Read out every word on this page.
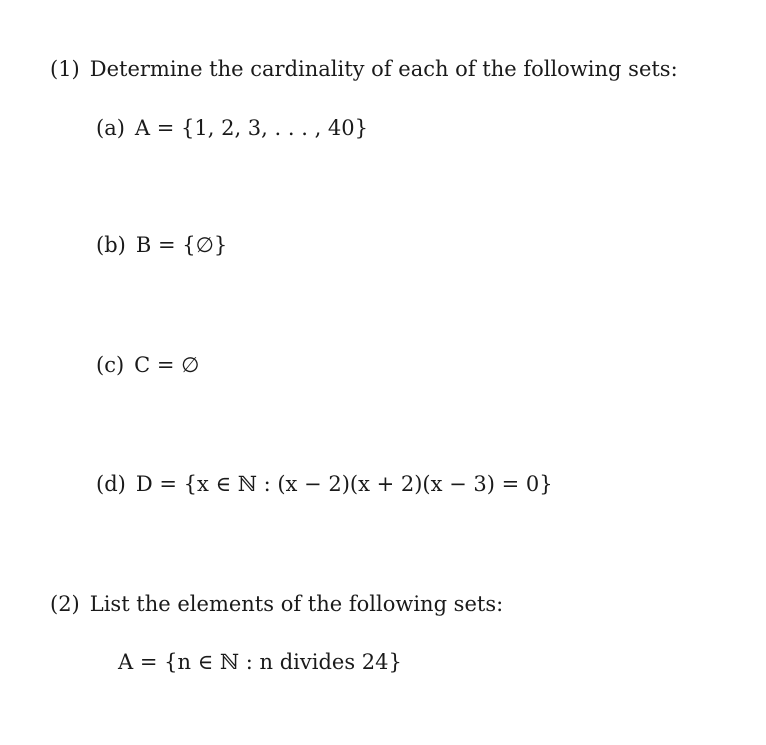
(1) Determine the cardinality of each of the following sets:
(a) A = {1, 2, 3, . . . , 40}
(b) B = {∅}
(c) C = ∅
(d) D = {x ∈ ℕ : (x − 2)(x + 2)(x − 3) = 0}
(2) List the elements of the following sets:
A = {n ∈ ℕ : n divides 24}
